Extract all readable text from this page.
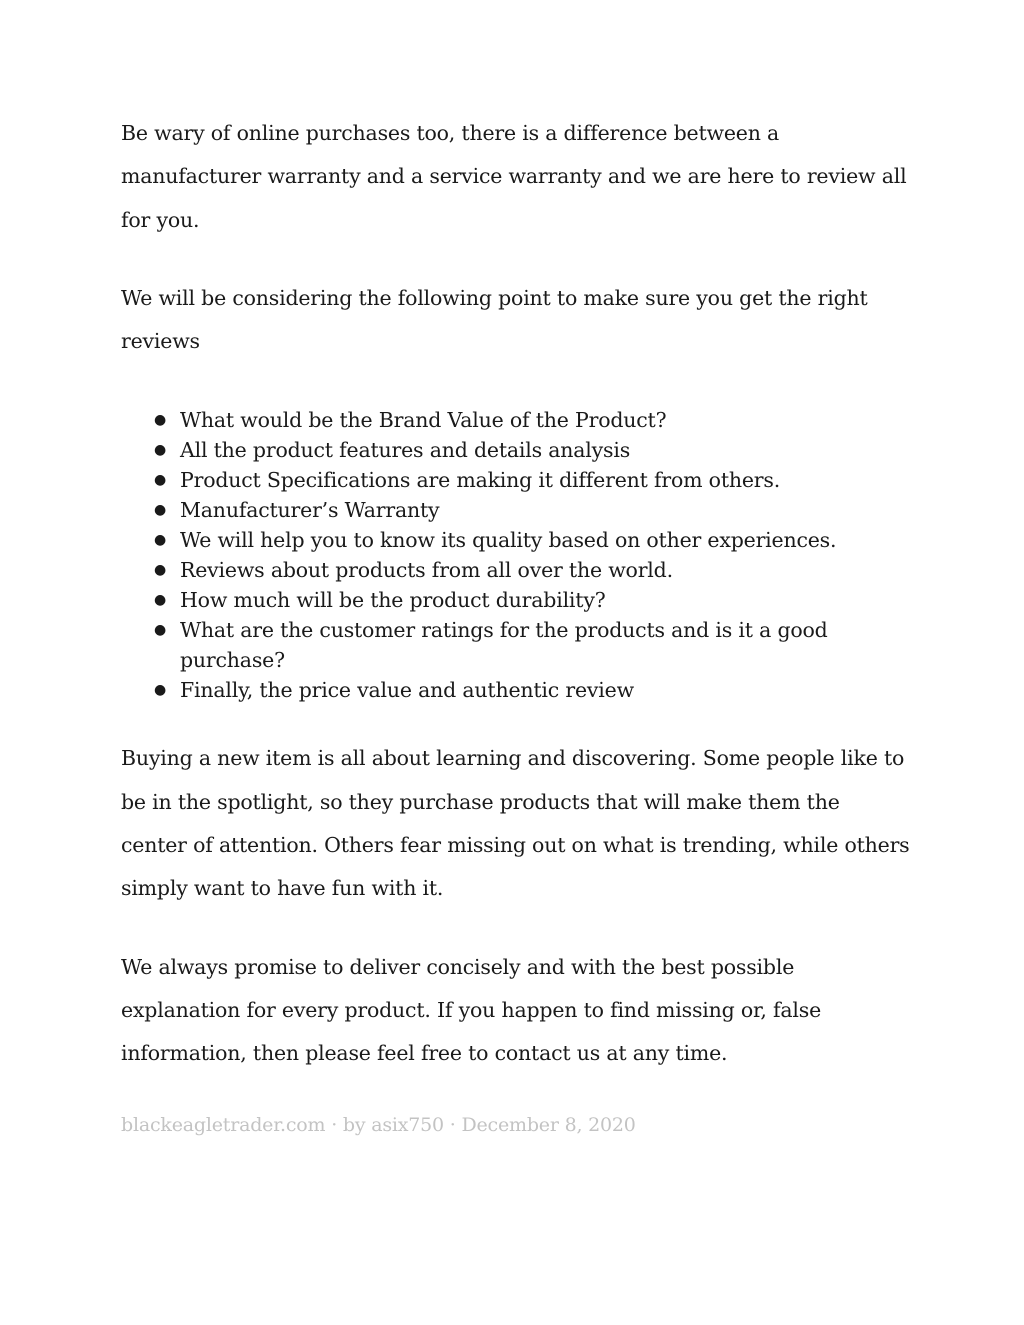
Be wary of online purchases too, there is a difference between a manufacturer warranty and a service warranty and we are here to review all for you.

We will be considering the following point to make sure you get the right reviews

● What would be the Brand Value of the Product?
● All the product features and details analysis
● Product Specifications are making it different from others.
● Manufacturer’s Warranty
● We will help you to know its quality based on other experiences.
● Reviews about products from all over the world.
● How much will be the product durability?
● What are the customer ratings for the products and is it a good purchase?
● Finally, the price value and authentic review

Buying a new item is all about learning and discovering. Some people like to be in the spotlight, so they purchase products that will make them the center of attention. Others fear missing out on what is trending, while others simply want to have fun with it.

We always promise to deliver concisely and with the best possible explanation for every product. If you happen to find missing or, false information, then please feel free to contact us at any time.

blackeagletrader.com · by asix750 · December 8, 2020
